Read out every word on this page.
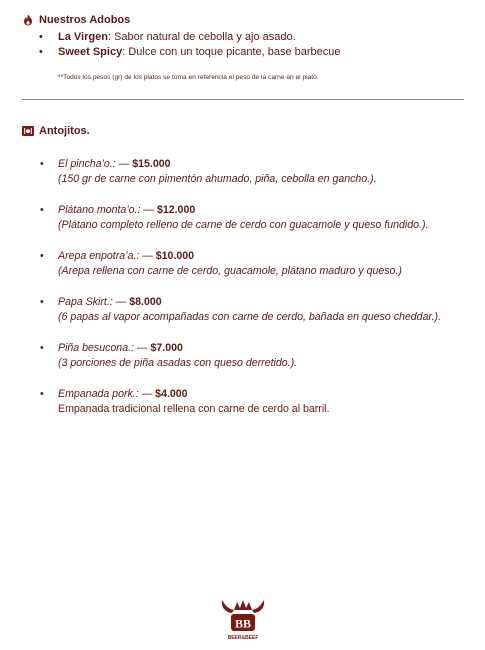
Nuestros Adobos
• La Virgen: Sabor natural de cebolla y ajo asado.
• Sweet Spicy: Dulce con un toque picante, base barbecue
**Todos los pesos (gr) de los platos se toma en referencia el peso de la carne en el plato.
Antojitos.
• El pincha’o.: — $15.000
(150 gr de carne con pimentón ahumado, piña, cebolla en gancho.).
• Plátano monta’o.: — $12.000
(Plátano completo relleno de carne de cerdo con guacamole y queso fundido.).
• Arepa enpotra’a.: — $10.000
(Arepa rellena con carne de cerdo, guacamole, plátano maduro y queso.)
• Papa Skirt.: — $8.000
(6 papas al vapor acompañadas con carne de cerdo, bañada en queso cheddar.).
• Piña besucona.: — $7.000
(3 porciones de piña asadas con queso derretido.).
• Empanada pork.: — $4.000
Empanada tradicional rellena con carne de cerdo al barril.
BB
BEER&BEEF
